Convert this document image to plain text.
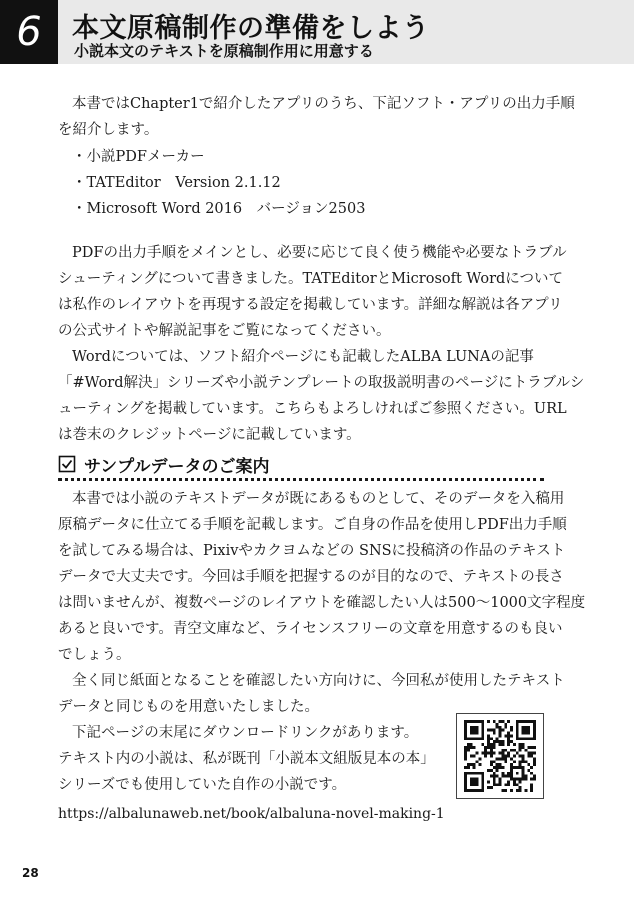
6	本文原稿制作の準備をしよう
小説本文のテキストを原稿制作用に用意する
本書ではChapter1で紹介したアプリのうち、下記ソフト・アプリの出力手順
を紹介します。
・小説PDFメーカー
・TATEditor　Version 2.1.12
・Microsoft Word 2016　バージョン2503
PDFの出力手順をメインとし、必要に応じて良く使う機能や必要なトラブル
シューティングについて書きました。TATEditorとMicrosoft Wordについて
は私作のレイアウトを再現する設定を掲載しています。詳細な解説は各アプリ
の公式サイトや解説記事をご覧になってください。
Wordについては、ソフト紹介ページにも記載したALBA LUNAの記事
「#Word解決」シリーズや小説テンプレートの取扱説明書のページにトラブルシ
ューティングを掲載しています。こちらもよろしければご参照ください。URL
は巻末のクレジットページに記載しています。
サンプルデータのご案内
本書では小説のテキストデータが既にあるものとして、そのデータを入稿用
原稿データに仕立てる手順を記載します。ご自身の作品を使用しPDF出力手順
を試してみる場合は、Pixivやカクヨムなどの SNSに投稿済の作品のテキスト
データで大丈夫です。今回は手順を把握するのが目的なので、テキストの長さ
は問いませんが、複数ページのレイアウトを確認したい人は500〜1000文字程度
あると良いです。青空文庫など、ライセンスフリーの文章を用意するのも良い
でしょう。
全く同じ紙面となることを確認したい方向けに、今回私が使用したテキスト
データと同じものを用意いたしました。
下記ページの末尾にダウンロードリンクがあります。
テキスト内の小説は、私が既刊「小説本文組版見本の本」
シリーズでも使用していた自作の小説です。
https://albalunaweb.net/book/albaluna-novel-making-1
28
